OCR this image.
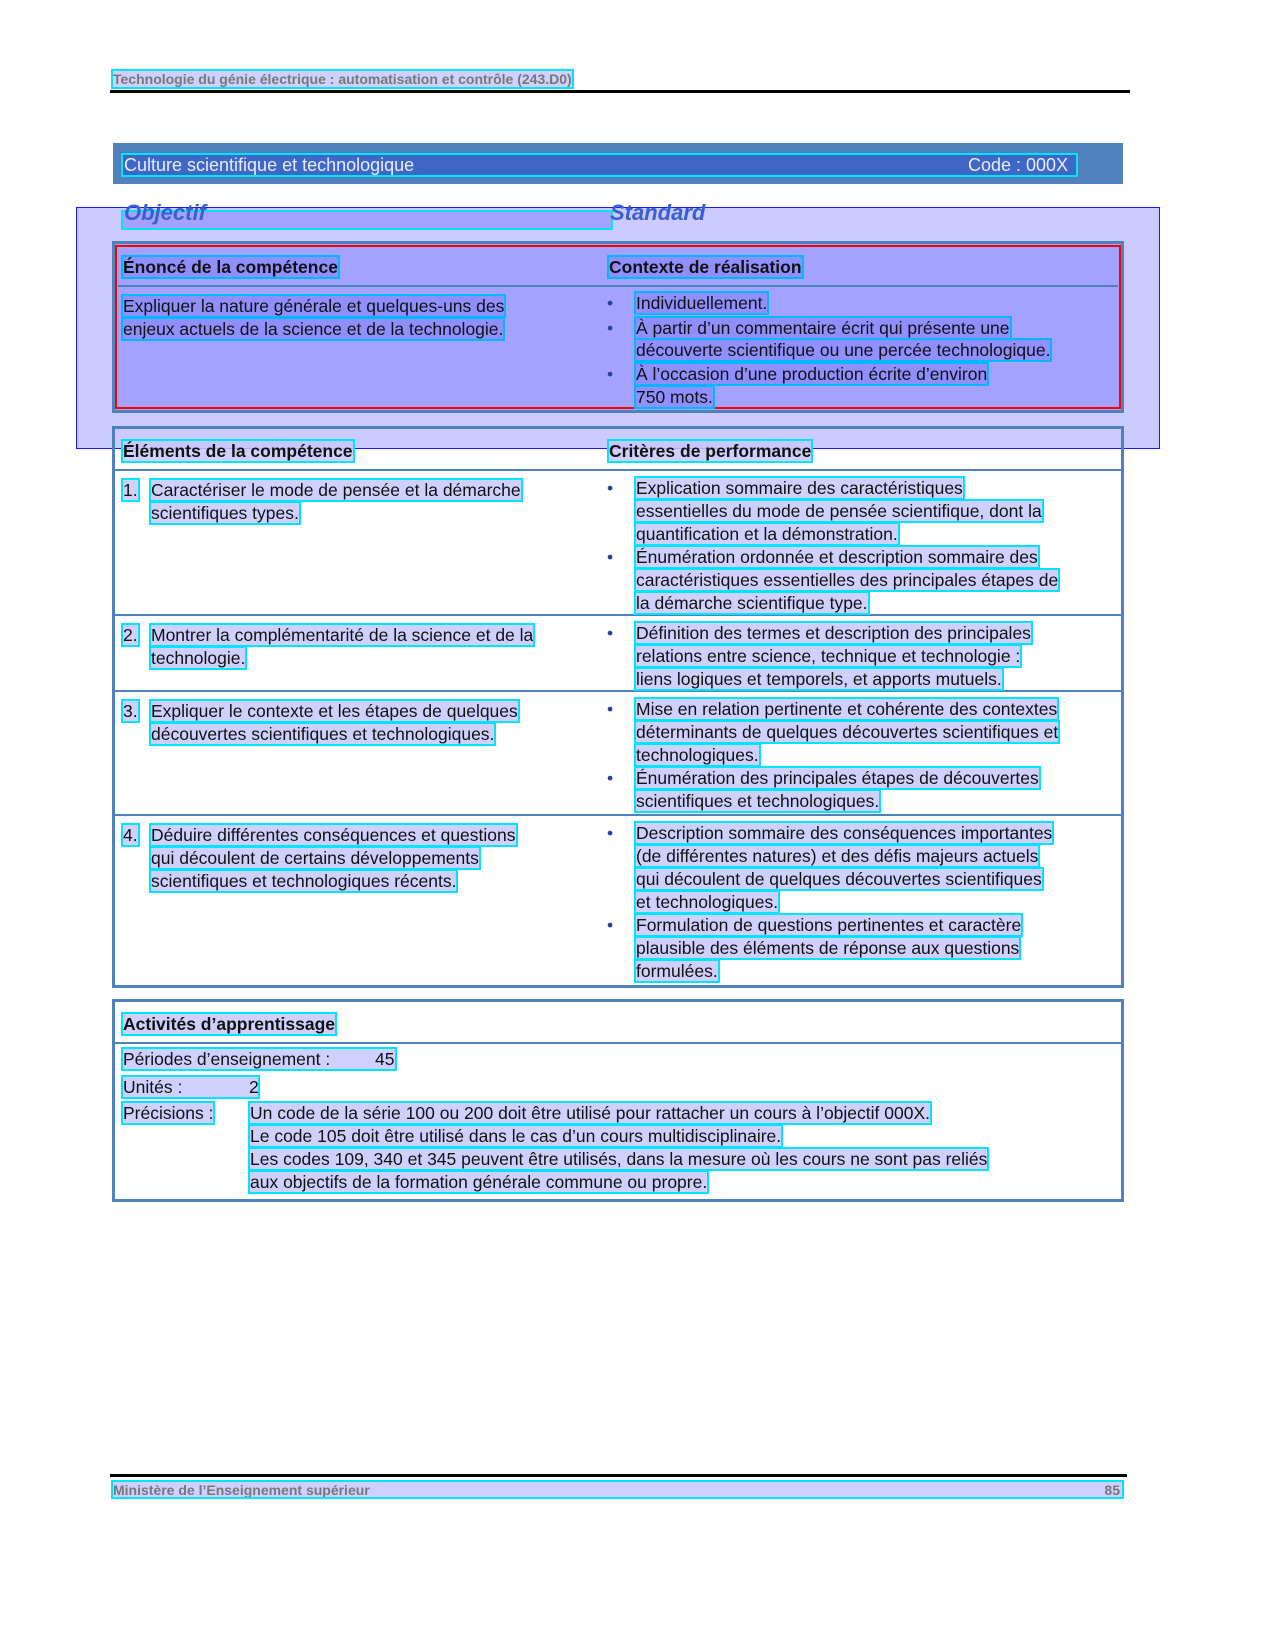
Technologie du génie électrique : automatisation et contrôle (243.D0)
Culture scientifique et technologique	Code : 000X
Objectif	Standard
Énoncé de la compétence	Contexte de réalisation
Expliquer la nature générale et quelques-uns des
enjeux actuels de la science et de la technologie.
• Individuellement.
• À partir d’un commentaire écrit qui présente une
découverte scientifique ou une percée technologique.
• À l’occasion d’une production écrite d’environ
750 mots.
Éléments de la compétence	Critères de performance
1. Caractériser le mode de pensée et la démarche
scientifiques types.
• Explication sommaire des caractéristiques
essentielles du mode de pensée scientifique, dont la
quantification et la démonstration.
• Énumération ordonnée et description sommaire des
caractéristiques essentielles des principales étapes de
la démarche scientifique type.
2. Montrer la complémentarité de la science et de la
technologie.
• Définition des termes et description des principales
relations entre science, technique et technologie :
liens logiques et temporels, et apports mutuels.
3. Expliquer le contexte et les étapes de quelques
découvertes scientifiques et technologiques.
• Mise en relation pertinente et cohérente des contextes
déterminants de quelques découvertes scientifiques et
technologiques.
• Énumération des principales étapes de découvertes
scientifiques et technologiques.
4. Déduire différentes conséquences et questions
qui découlent de certains développements
scientifiques et technologiques récents.
• Description sommaire des conséquences importantes
(de différentes natures) et des défis majeurs actuels
qui découlent de quelques découvertes scientifiques
et technologiques.
• Formulation de questions pertinentes et caractère
plausible des éléments de réponse aux questions
formulées.
Activités d’apprentissage
Périodes d’enseignement :	45
Unités :	2
Précisions : Un code de la série 100 ou 200 doit être utilisé pour rattacher un cours à l’objectif 000X.
Le code 105 doit être utilisé dans le cas d’un cours multidisciplinaire.
Les codes 109, 340 et 345 peuvent être utilisés, dans la mesure où les cours ne sont pas reliés
aux objectifs de la formation générale commune ou propre.
Ministère de l’Enseignement supérieur	85
